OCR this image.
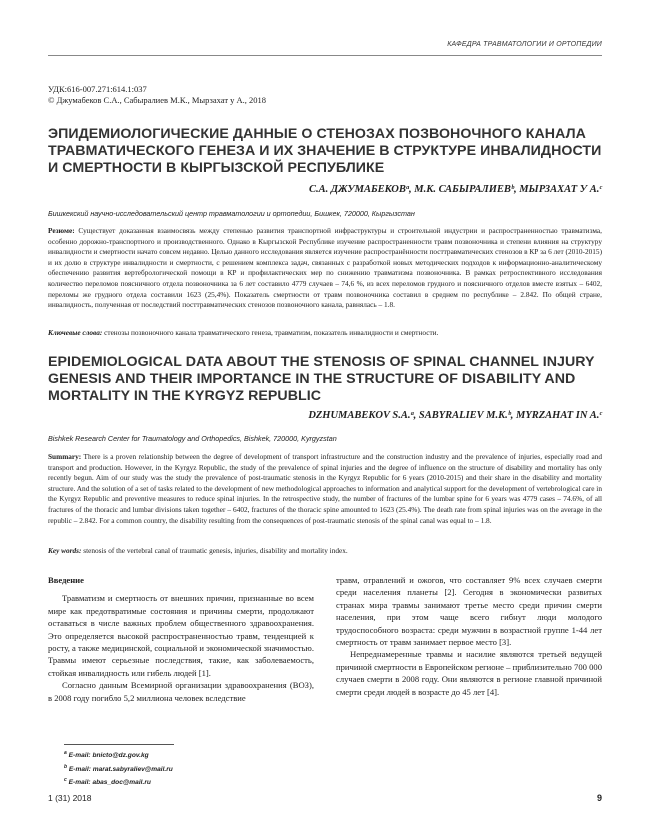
КАФЕДРА ТРАВМАТОЛОГИИ И ОРТОПЕДИИ
УДК:616-007.271:614.1:037
© Джумабеков С.А., Сабыралиев М.К., Мырзахат у А., 2018
ЭПИДЕМИОЛОГИЧЕСКИЕ ДАННЫЕ О СТЕНОЗАХ ПОЗВОНОЧНОГО КАНАЛА ТРАВМАТИЧЕСКОГО ГЕНЕЗА И ИХ ЗНАЧЕНИЕ В СТРУКТУРЕ ИНВАЛИДНОСТИ И СМЕРТНОСТИ В КЫРГЫЗСКОЙ РЕСПУБЛИКЕ
С.А. ДЖУМАБЕКОВᵃ, М.К. САБЫРАЛИЕВᵇ, МЫРЗАХАТ У А.ᶜ
Бишкекский научно-исследовательский центр травматологии и ортопедии, Бишкек, 720000, Кыргызстан

Резюме: Существует доказанная взаимосвязь между степенью развития транспортной инфраструктуры и строительной индустрии и распространенностью травматизма, особенно дорожно-транспортного и производственного. Однако в Кыргызской Республике изучение распространенности травм позвоночника и степени влияния на структуру инвалидности и смертности начато совсем недавно. Целью данного исследования является изучение распространённости посттравматических стенозов в КР за 6 лет (2010-2015) и их долю в структуре инвалидности и смертности, с решением комплекса задач, связанных с разработкой новых методических подходов к информационно-аналитическому обеспечению развития вертебрологической помощи в КР и профилактических мер по снижению травматизма позвоночника. В рамках ретроспективного исследования количество переломов поясничного отдела позвоночника за 6 лет составило 4779 случаев – 74,6 %, из всех переломов грудного и поясничного отделов вместе взятых – 6402, переломы же грудного отдела составили 1623 (25,4%). Показатель смертности от травм позвоночника составил в среднем по республике – 2.842. По общей стране, инвалидность, полученная от последствий посттравматических стенозов позвоночного канала, равнялась – 1.8.

Ключевые слова: стенозы позвоночного канала травматического генеза, травматизм, показатель инвалидности и смертности.

EPIDEMIOLOGICAL DATA ABOUT THE STENOSIS OF SPINAL CHANNEL INJURY GENESIS AND THEIR IMPORTANCE IN THE STRUCTURE OF DISABILITY AND MORTALITY IN THE KYRGYZ REPUBLIC
DZHUMABEKOV S.A.ᵃ, SABYRALIEV M.K.ᵇ, MYRZAHAT IN A.ᶜ
Bishkek Research Center for Traumatology and Orthopedics, Bishkek, 720000, Kyrgyzstan

Summary: There is a proven relationship between the degree of development of transport infrastructure and the construction industry and the prevalence of injuries, especially road and transport and production. However, in the Kyrgyz Republic, the study of the prevalence of spinal injuries and the degree of influence on the structure of disability and mortality has only recently begun. Aim of our study was the study the prevalence of post-traumatic stenosis in the Kyrgyz Republic for 6 years (2010-2015) and their share in the disability and mortality structure. And the solution of a set of tasks related to the development of new methodological approaches to information and analytical support for the development of vertebrological care in the Kyrgyz Republic and preventive measures to reduce spinal injuries. In the retrospective study, the number of fractures of the lumbar spine for 6 years was 4779 cases – 74.6%, of all fractures of the thoracic and lumbar divisions taken together – 6402, fractures of the thoracic spine amounted to 1623 (25.4%). The death rate from spinal injuries was on the average in the republic – 2.842. For a common country, the disability resulting from the consequences of post-traumatic stenosis of the spinal canal was equal to – 1.8.

Key words: stenosis of the vertebral canal of traumatic genesis, injuries, disability and mortality index.

Введение

Травматизм и смертность от внешних причин, признанные во всем мире как предотвратимые состояния и причины смерти, продолжают оставаться в числе важных проблем общественного здравоохранения. Это определяется высокой распространенностью травм, тенденцией к росту, а также медицинской, социальной и экономической значимостью. Травмы имеют серьезные последствия, такие, как заболеваемость, стойкая инвалидность или гибель людей [1].

Согласно данным Всемирной организации здравоохранения (ВОЗ), в 2008 году погибло 5,2 миллиона человек вследствие

травм, отравлений и ожогов, что составляет 9% всех случаев смерти среди населения планеты [2]. Сегодня в экономически развитых странах мира травмы занимают третье место среди причин смерти населения, при этом чаще всего гибнут люди молодого трудоспособного возраста: среди мужчин в возрастной группе 1-44 лет смертность от травм занимает первое место [3].

Непреднамеренные травмы и насилие являются третьей ведущей причиной смертности в Европейском регионе – приблизительно 700 000 случаев смерти в 2008 году. Они являются в регионе главной причиной смерти среди людей в возрасте до 45 лет [4].

$^a$ E-mail: bnicto@dz.gov.kg
$^b$ E-mail: marat.sabyraliev@mail.ru
$^c$ E-mail: abas_doc@mail.ru
1 (31) 2018	9
